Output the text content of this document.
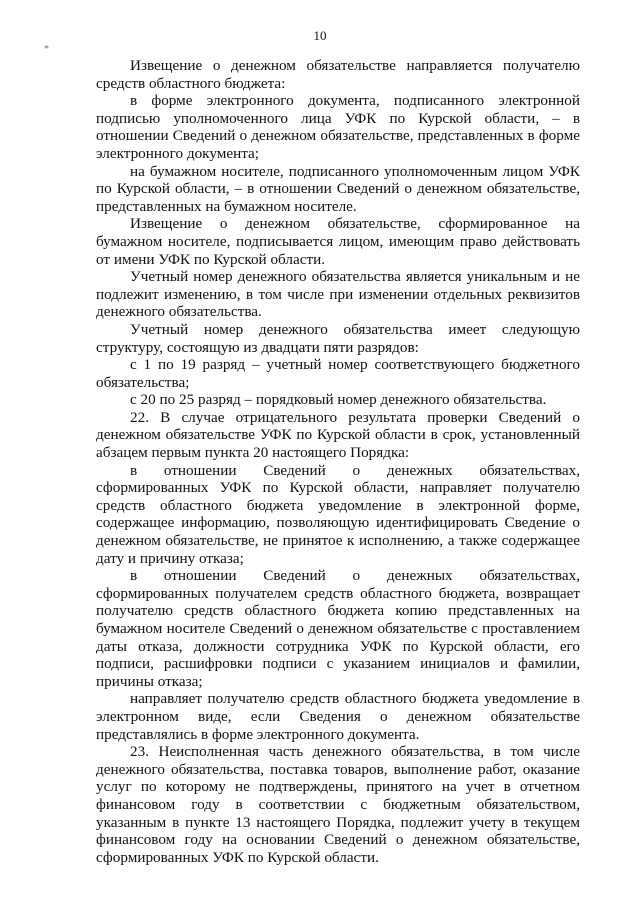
10
*

Извещение о денежном обязательстве направляется получателю средств областного бюджета:

в форме электронного документа, подписанного электронной подписью уполномоченного лица УФК по Курской области, – в отношении Сведений о денежном обязательстве, представленных в форме электронного документа;

на бумажном носителе, подписанного уполномоченным лицом УФК по Курской области, – в отношении Сведений о денежном обязательстве, представленных на бумажном носителе.

Извещение о денежном обязательстве, сформированное на бумажном носителе, подписывается лицом, имеющим право действовать от имени УФК по Курской области.

Учетный номер денежного обязательства является уникальным и не подлежит изменению, в том числе при изменении отдельных реквизитов денежного обязательства.

Учетный номер денежного обязательства имеет следующую структуру, состоящую из двадцати пяти разрядов:

с 1 по 19 разряд – учетный номер соответствующего бюджетного обязательства;

с 20 по 25 разряд – порядковый номер денежного обязательства.

22. В случае отрицательного результата проверки Сведений о денежном обязательстве УФК по Курской области в срок, установленный абзацем первым пункта 20 настоящего Порядка:

в отношении Сведений о денежных обязательствах, сформированных УФК по Курской области, направляет получателю средств областного бюджета уведомление в электронной форме, содержащее информацию, позволяющую идентифицировать Сведение о денежном обязательстве, не принятое к исполнению, а также содержащее дату и причину отказа;

в отношении Сведений о денежных обязательствах, сформированных получателем средств областного бюджета, возвращает получателю средств областного бюджета копию представленных на бумажном носителе Сведений о денежном обязательстве с проставлением даты отказа, должности сотрудника УФК по Курской области, его подписи, расшифровки подписи с указанием инициалов и фамилии, причины отказа;

направляет получателю средств областного бюджета уведомление в электронном виде, если Сведения о денежном обязательстве представлялись в форме электронного документа.

23. Неисполненная часть денежного обязательства, в том числе денежного обязательства, поставка товаров, выполнение работ, оказание услуг по которому не подтверждены, принятого на учет в отчетном финансовом году в соответствии с бюджетным обязательством, указанным в пункте 13 настоящего Порядка, подлежит учету в текущем финансовом году на основании Сведений о денежном обязательстве, сформированных УФК по Курской области.
